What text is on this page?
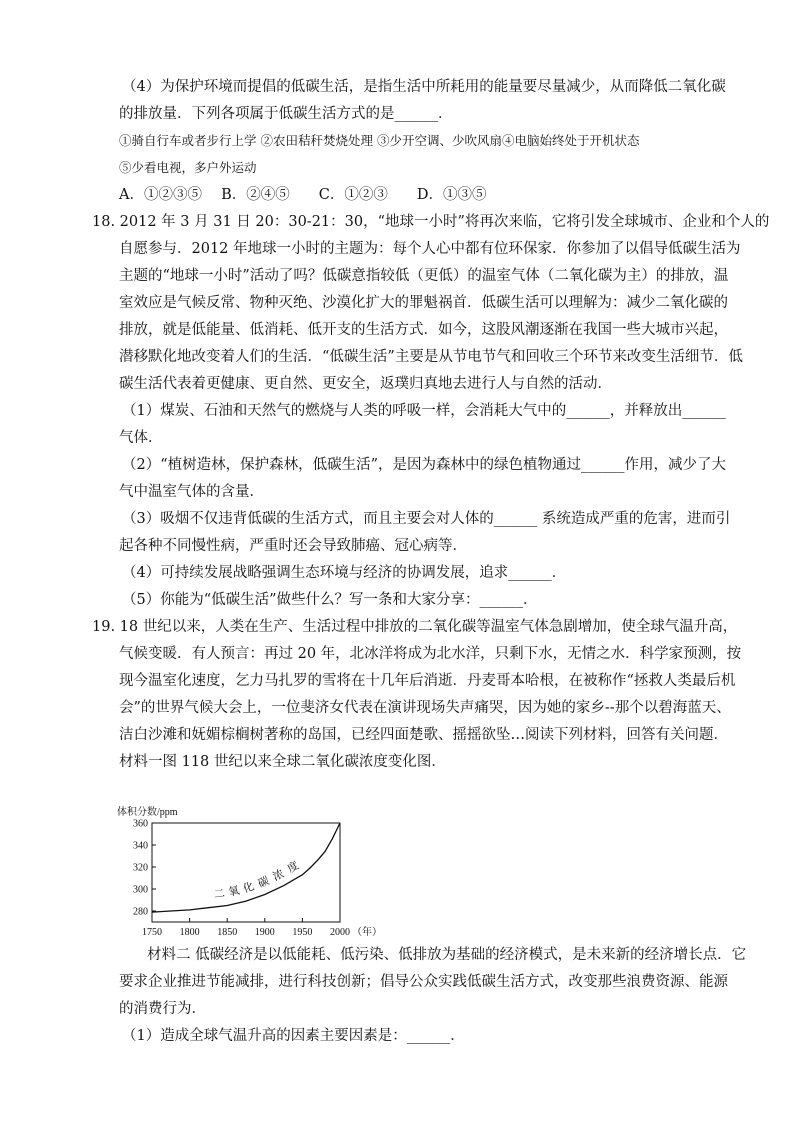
（4）为保护环境而提倡的低碳生活，是指生活中所耗用的能量要尽量减少，从而降低二氧化碳
的排放量．下列各项属于低碳生活方式的是______．
①骑自行车或者步行上学 ②农田秸秆焚烧处理 ③少开空调、少吹风扇④电脑始终处于开机状态
⑤少看电视，多户外运动
A．①②③⑤　 B．②④⑤　　C．①②③　　D．①③⑤
18. 2012 年 3 月 31 日 20：30-21：30，“地球一小时”将再次来临，它将引发全球城市、企业和个人的
自愿参与．2012 年地球一小时的主题为：每个人心中都有位环保家．你参加了以倡导低碳生活为
主题的“地球一小时”活动了吗？低碳意指较低（更低）的温室气体（二氧化碳为主）的排放，温
室效应是气候反常、物种灭绝、沙漠化扩大的罪魁祸首．低碳生活可以理解为：减少二氧化碳的
排放，就是低能量、低消耗、低开支的生活方式．如今，这股风潮逐渐在我国一些大城市兴起，
潜移默化地改变着人们的生活．“低碳生活”主要是从节电节气和回收三个环节来改变生活细节．低
碳生活代表着更健康、更自然、更安全，返璞归真地去进行人与自然的活动．
（1）煤炭、石油和天然气的燃烧与人类的呼吸一样，会消耗大气中的______，并释放出______
气体．
（2）“植树造林，保护森林，低碳生活”，是因为森林中的绿色植物通过______作用，减少了大
气中温室气体的含量．
（3）吸烟不仅违背低碳的生活方式，而且主要会对人体的______ 系统造成严重的危害，进而引
起各种不同慢性病，严重时还会导致肺癌、冠心病等．
（4）可持续发展战略强调生态环境与经济的协调发展，追求______．
（5）你能为“低碳生活”做些什么？写一条和大家分享：______．
19. 18 世纪以来，人类在生产、生活过程中排放的二氧化碳等温室气体急剧增加，使全球气温升高，
气候变暖．有人预言：再过 20 年，北冰洋将成为北水洋，只剩下水，无情之水．科学家预测，按
现今温室化速度，乞力马扎罗的雪将在十几年后消逝．丹麦哥本哈根，在被称作“拯救人类最后机
会”的世界气候大会上，一位斐济女代表在演讲现场失声痛哭，因为她的家乡--那个以碧海蓝天、
洁白沙滩和妩媚棕榈树著称的岛国，已经四面楚歌、摇摇欲坠…阅读下列材料，回答有关问题．
材料一图 118 世纪以来全球二氧化碳浓度变化图．
材料二 低碳经济是以低能耗、低污染、低排放为基础的经济模式，是未来新的经济增长点．它
要求企业推进节能减排，进行科技创新；倡导公众实践低碳生活方式，改变那些浪费资源、能源
的消费行为．
（1）造成全球气温升高的因素主要因素是：______．
体积分数/ppm
280
300
320
340
360
1750 1800 1850 1900 1950 2000
二 氧 化 碳 浓
度
（年）
